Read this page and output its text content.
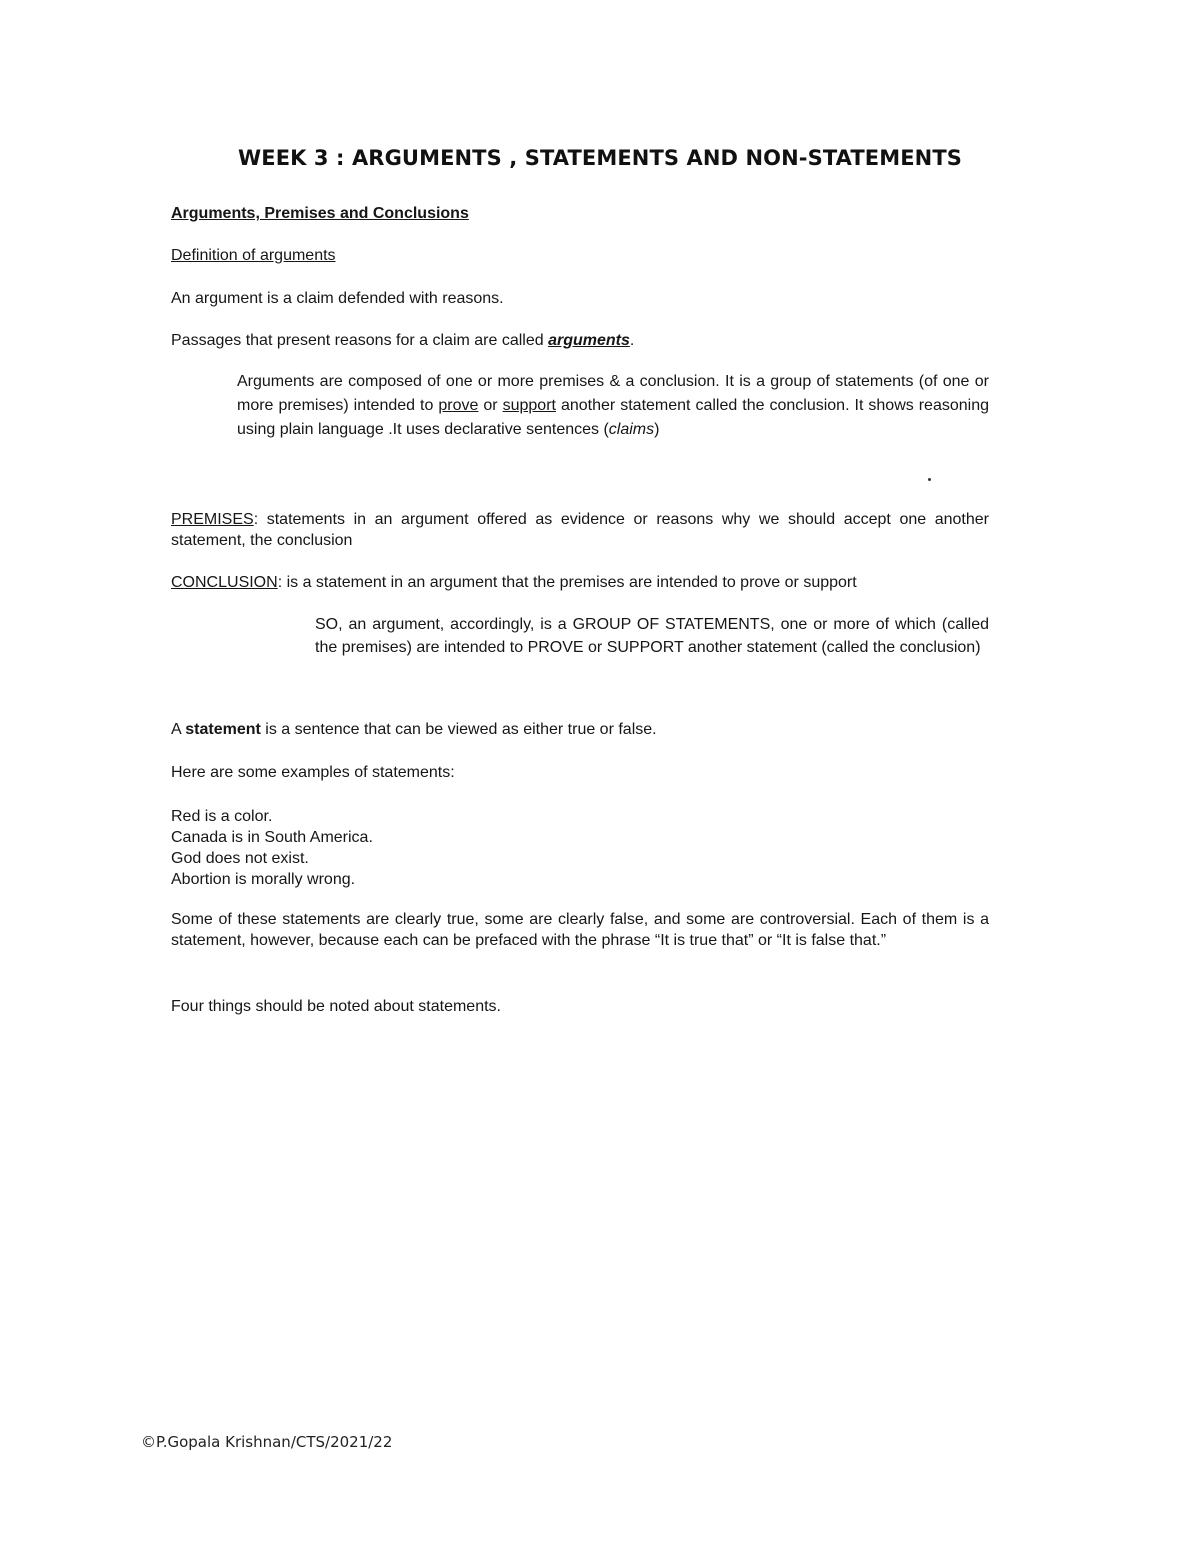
WEEK 3 : ARGUMENTS , STATEMENTS AND NON-STATEMENTS
Arguments, Premises and Conclusions
Definition of arguments
An argument is a claim defended with reasons.
Passages that present reasons for a claim are called arguments.
Arguments are composed of one or more premises & a conclusion. It is a group of statements (of one or more premises) intended to prove or support another statement called the conclusion. It shows reasoning using plain language .It uses declarative sentences (claims)
PREMISES: statements in an argument offered as evidence or reasons why we should accept one another statement, the conclusion
CONCLUSION: is a statement in an argument that the premises are intended to prove or support
SO, an argument, accordingly, is a GROUP OF STATEMENTS, one or more of which (called the premises) are intended to PROVE or SUPPORT another statement (called the conclusion)
A statement is a sentence that can be viewed as either true or false.
Here are some examples of statements:
Red is a color.
Canada is in South America.
God does not exist.
Abortion is morally wrong.
Some of these statements are clearly true, some are clearly false, and some are controversial. Each of them is a statement, however, because each can be prefaced with the phrase “It is true that” or “It is false that.”
Four things should be noted about statements.
©P.Gopala Krishnan/CTS/2021/22
